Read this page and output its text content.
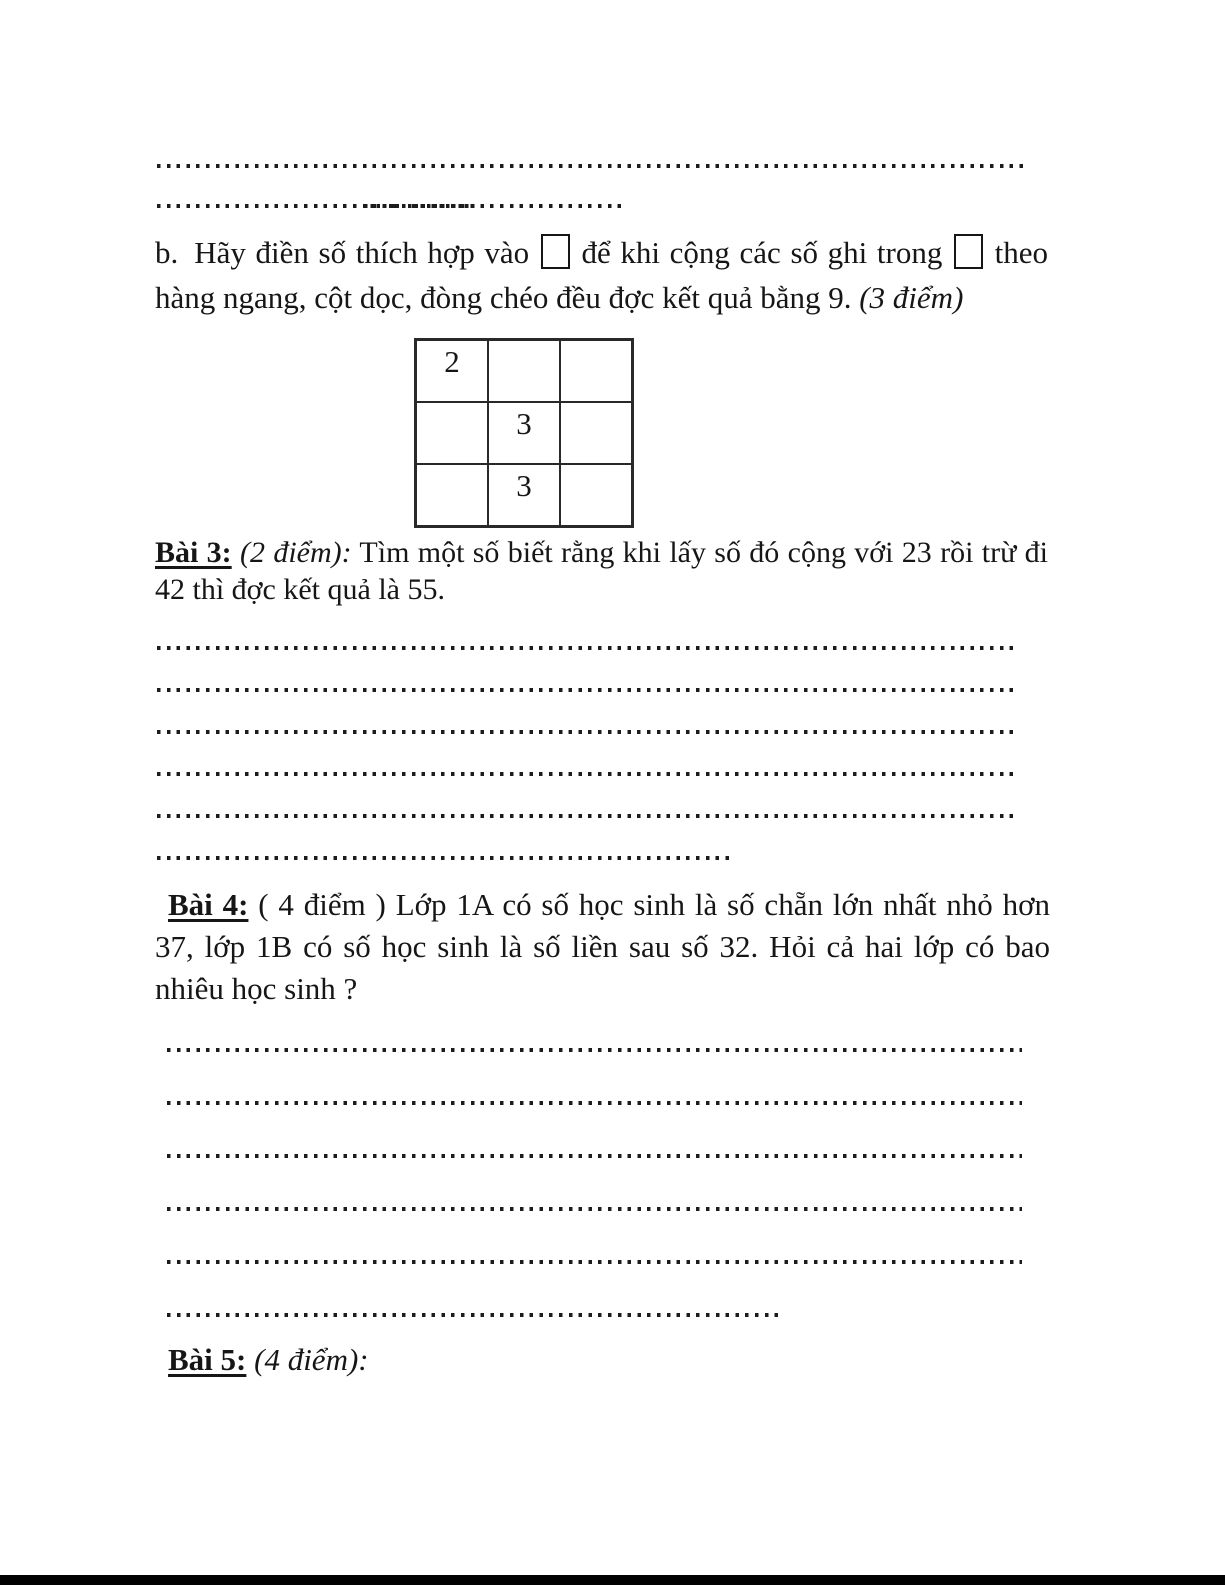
b. Hãy điền số thích hợp vào để khi cộng các số ghi trong theo
hàng ngang, cột dọc, đòng chéo đều đợc kết quả bằng 9. (3 điểm)
2		
	3	
	3	
Bài 3: (2 điểm): Tìm một số biết rằng khi lấy số đó cộng với 23 rồi trừ đi
42 thì đợc kết quả là 55.
Bài 4: ( 4 điểm ) Lớp 1A có số học sinh là số chẵn lớn nhất nhỏ hơn
37, lớp 1B có số học sinh là số liền sau số 32. Hỏi cả hai lớp có bao
nhiêu học sinh ?
Bài 5: (4 điểm):
